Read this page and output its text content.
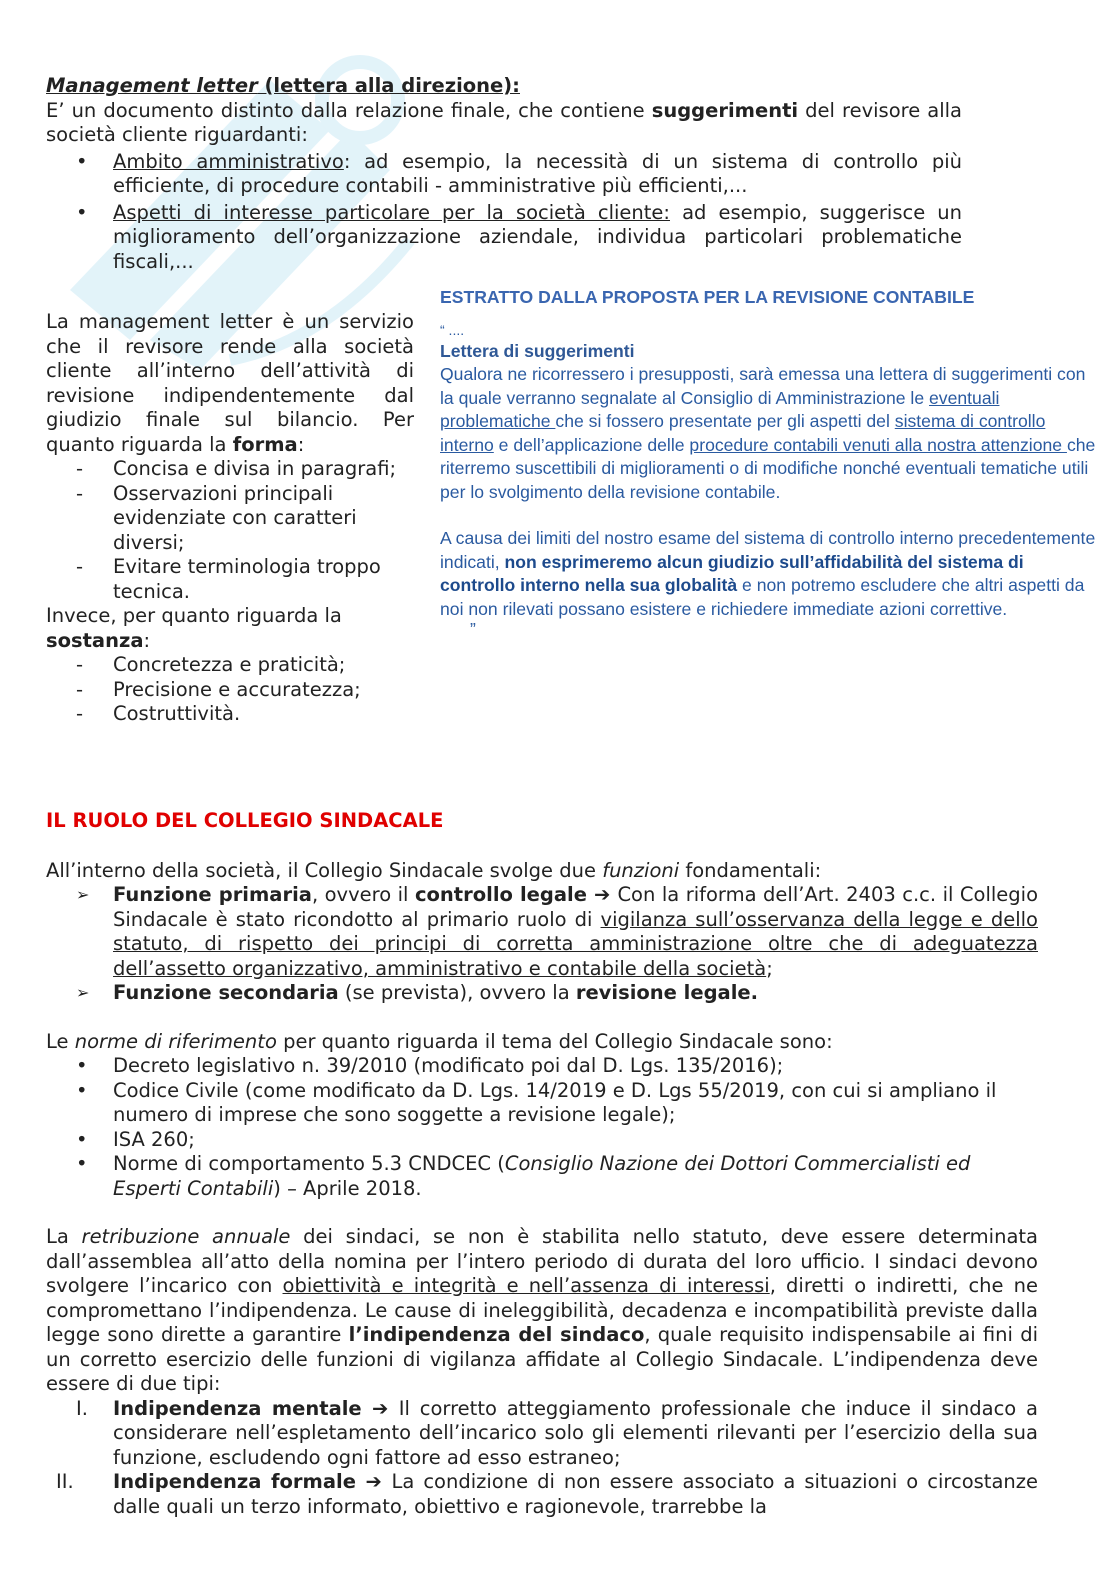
Management letter (lettera alla direzione):

E’ un documento distinto dalla relazione finale, che contiene suggerimenti del revisore alla società cliente riguardanti:

•	Ambito amministrativo: ad esempio, la necessità di un sistema di controllo più efficiente, di procedure contabili - amministrative più efficienti,...
•	Aspetti di interesse particolare per la società cliente: ad esempio, suggerisce un miglioramento dell’organizzazione aziendale, individua particolari problematiche fiscali,...

La management letter è un servizio che il revisore rende alla società cliente all’interno dell’attività di revisione indipendentemente dal giudizio finale sul bilancio. Per quanto riguarda la forma:

-	Concisa e divisa in paragrafi;
-	Osservazioni principali evidenziate con caratteri diversi;
-	Evitare terminologia troppo tecnica.

Invece, per quanto riguarda la sostanza:

-	Concretezza e praticità;
-	Precisione e accuratezza;
-	Costruttività.
ESTRATTO DALLA PROPOSTA PER LA REVISIONE CONTABILE
“ ....
Lettera di suggerimenti
Qualora ne ricorressero i presupposti, sarà emessa una lettera di suggerimenti con la quale verranno segnalate al Consiglio di Amministrazione le eventuali problematiche che si fossero presentate per gli aspetti del sistema di controllo interno e dell’applicazione delle procedure contabili venuti alla nostra attenzione che riterremo suscettibili di miglioramenti o di modifiche nonché eventuali tematiche utili per lo svolgimento della revisione contabile.
A causa dei limiti del nostro esame del sistema di controllo interno precedentemente indicati, non esprimeremo alcun giudizio sull’affidabilità del sistema di controllo interno nella sua globalità e non potremo escludere che altri aspetti da noi non rilevati possano esistere e richiedere immediate azioni correttive.
”

IL RUOLO DEL COLLEGIO SINDACALE

All’interno della società, il Collegio Sindacale svolge due funzioni fondamentali:

➢	Funzione primaria, ovvero il controllo legale ➔ Con la riforma dell’Art. 2403 c.c. il Collegio Sindacale è stato ricondotto al primario ruolo di vigilanza sull’osservanza della legge e dello statuto, di rispetto dei principi di corretta amministrazione oltre che di adeguatezza dell’assetto organizzativo, amministrativo e contabile della società;
➢	Funzione secondaria (se prevista), ovvero la revisione legale.

Le norme di riferimento per quanto riguarda il tema del Collegio Sindacale sono:

•	Decreto legislativo n. 39/2010 (modificato poi dal D. Lgs. 135/2016);
•	Codice Civile (come modificato da D. Lgs. 14/2019 e D. Lgs 55/2019, con cui si ampliano il numero di imprese che sono soggette a revisione legale);
•	ISA 260;
•	Norme di comportamento 5.3 CNDCEC (Consiglio Nazione dei Dottori Commercialisti ed Esperti Contabili) – Aprile 2018.

La retribuzione annuale dei sindaci, se non è stabilita nello statuto, deve essere determinata dall’assemblea all’atto della nomina per l’intero periodo di durata del loro ufficio. I sindaci devono svolgere l’incarico con obiettività e integrità e nell’assenza di interessi, diretti o indiretti, che ne compromettano l’indipendenza. Le cause di ineleggibilità, decadenza e incompatibilità previste dalla legge sono dirette a garantire l’indipendenza del sindaco, quale requisito indispensabile ai fini di un corretto esercizio delle funzioni di vigilanza affidate al Collegio Sindacale. L’indipendenza deve essere di due tipi:

I.	Indipendenza mentale ➔ Il corretto atteggiamento professionale che induce il sindaco a considerare nell’espletamento dell’incarico solo gli elementi rilevanti per l’esercizio della sua funzione, escludendo ogni fattore ad esso estraneo;
II.	Indipendenza formale ➔ La condizione di non essere associato a situazioni o circostanze dalle quali un terzo informato, obiettivo e ragionevole, trarrebbe la
